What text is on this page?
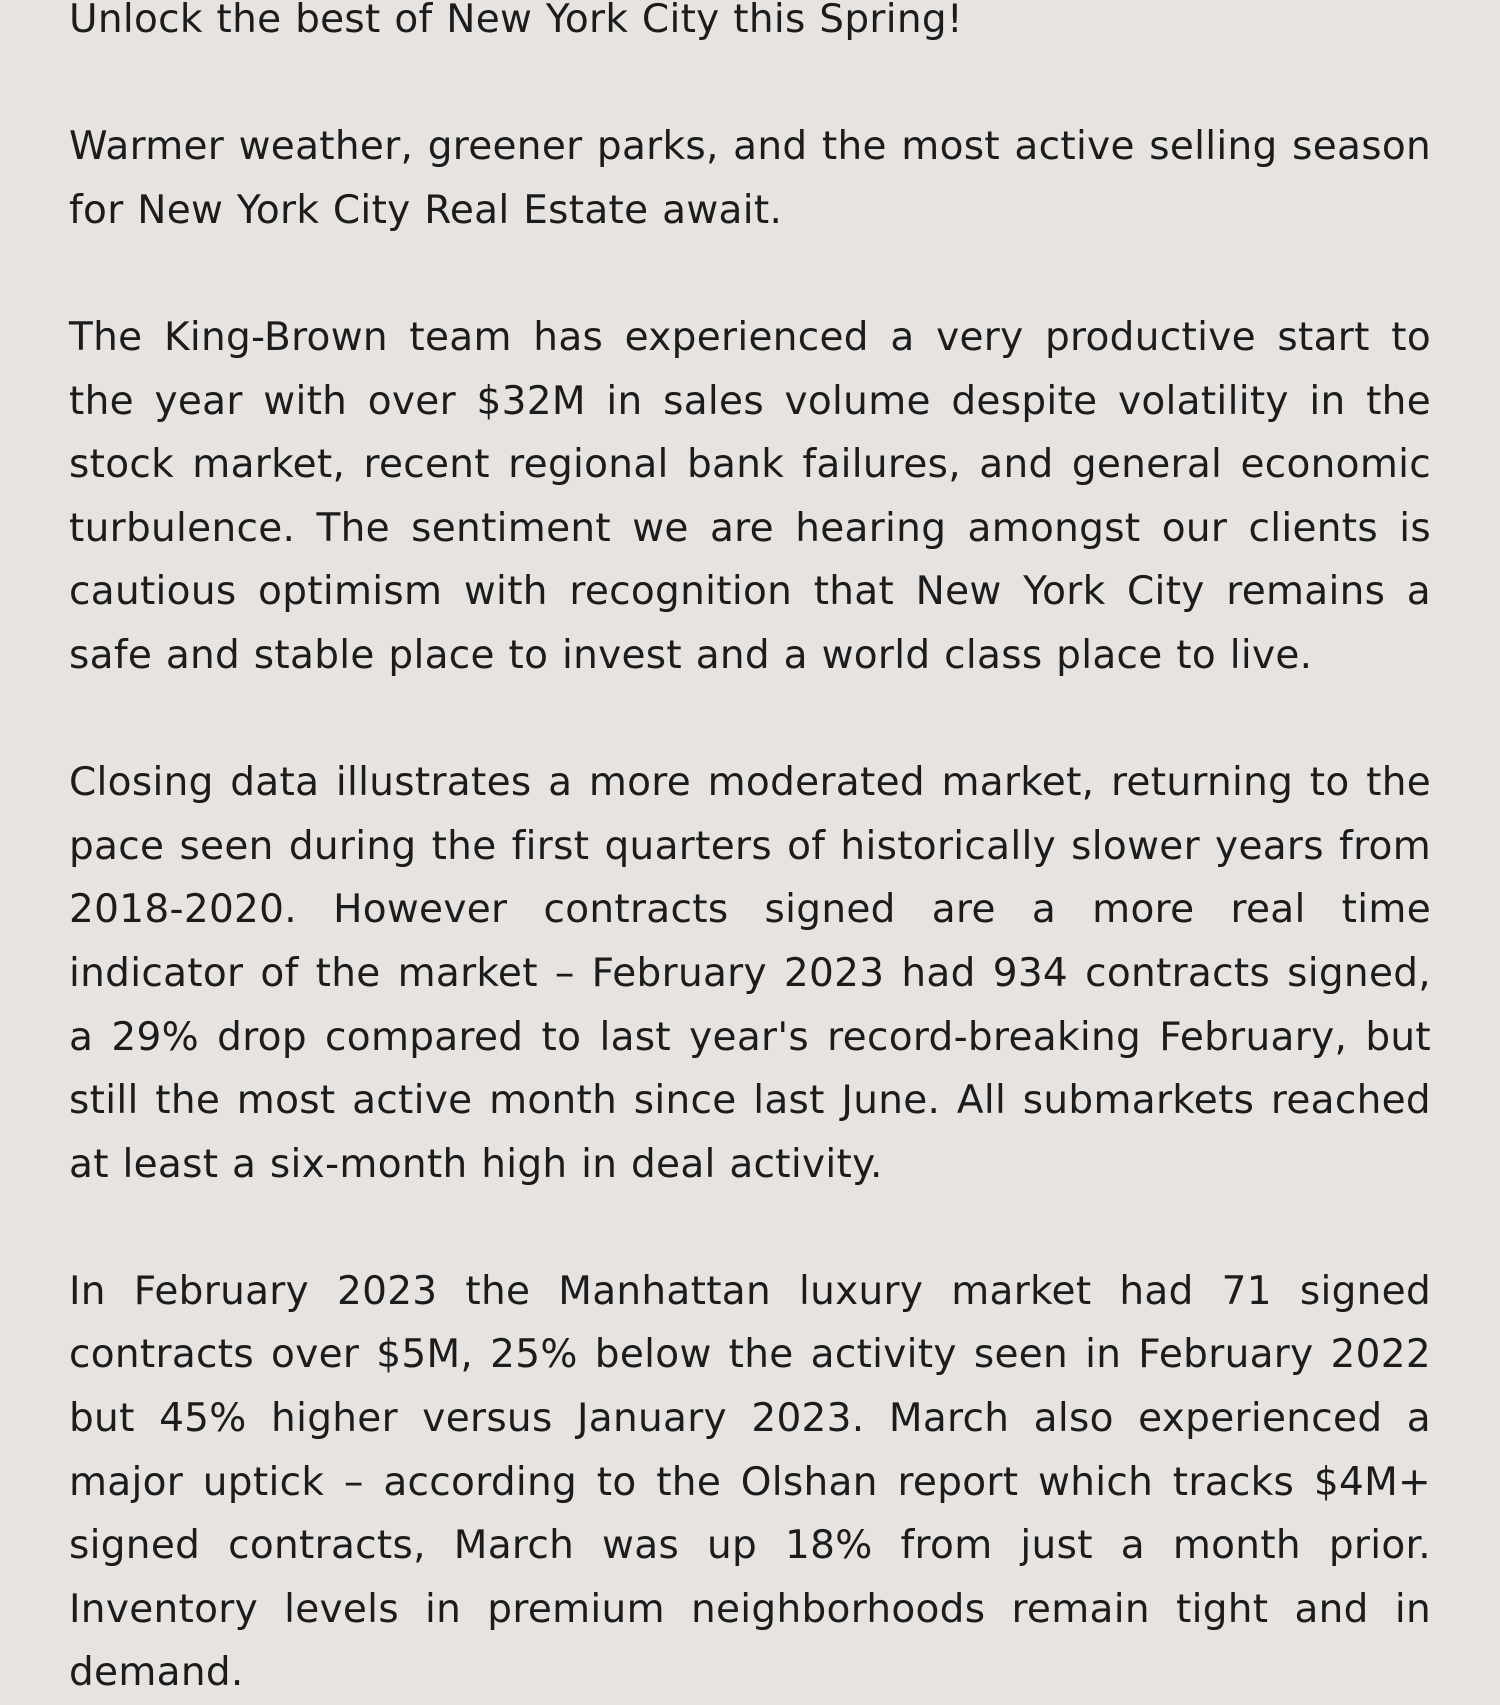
Unlock the best of New York City this Spring!

Warmer weather, greener parks, and the most active selling season for New York City Real Estate await.

The King-Brown team has experienced a very productive start to the year with over $32M in sales volume despite volatility in the stock market, recent regional bank failures, and general economic turbulence. The sentiment we are hearing amongst our clients is cautious optimism with recognition that New York City remains a safe and stable place to invest and a world class place to live.

Closing data illustrates a more moderated market, returning to the pace seen during the first quarters of historically slower years from 2018-2020. However contracts signed are a more real time indicator of the market – February 2023 had 934 contracts signed, a 29% drop compared to last year's record-breaking February, but still the most active month since last June. All submarkets reached at least a six-month high in deal activity.

In February 2023 the Manhattan luxury market had 71 signed contracts over $5M, 25% below the activity seen in February 2022 but 45% higher versus January 2023. March also experienced a major uptick – according to the Olshan report which tracks $4M+ signed contracts, March was up 18% from just a month prior. Inventory levels in premium neighborhoods remain tight and in demand.
